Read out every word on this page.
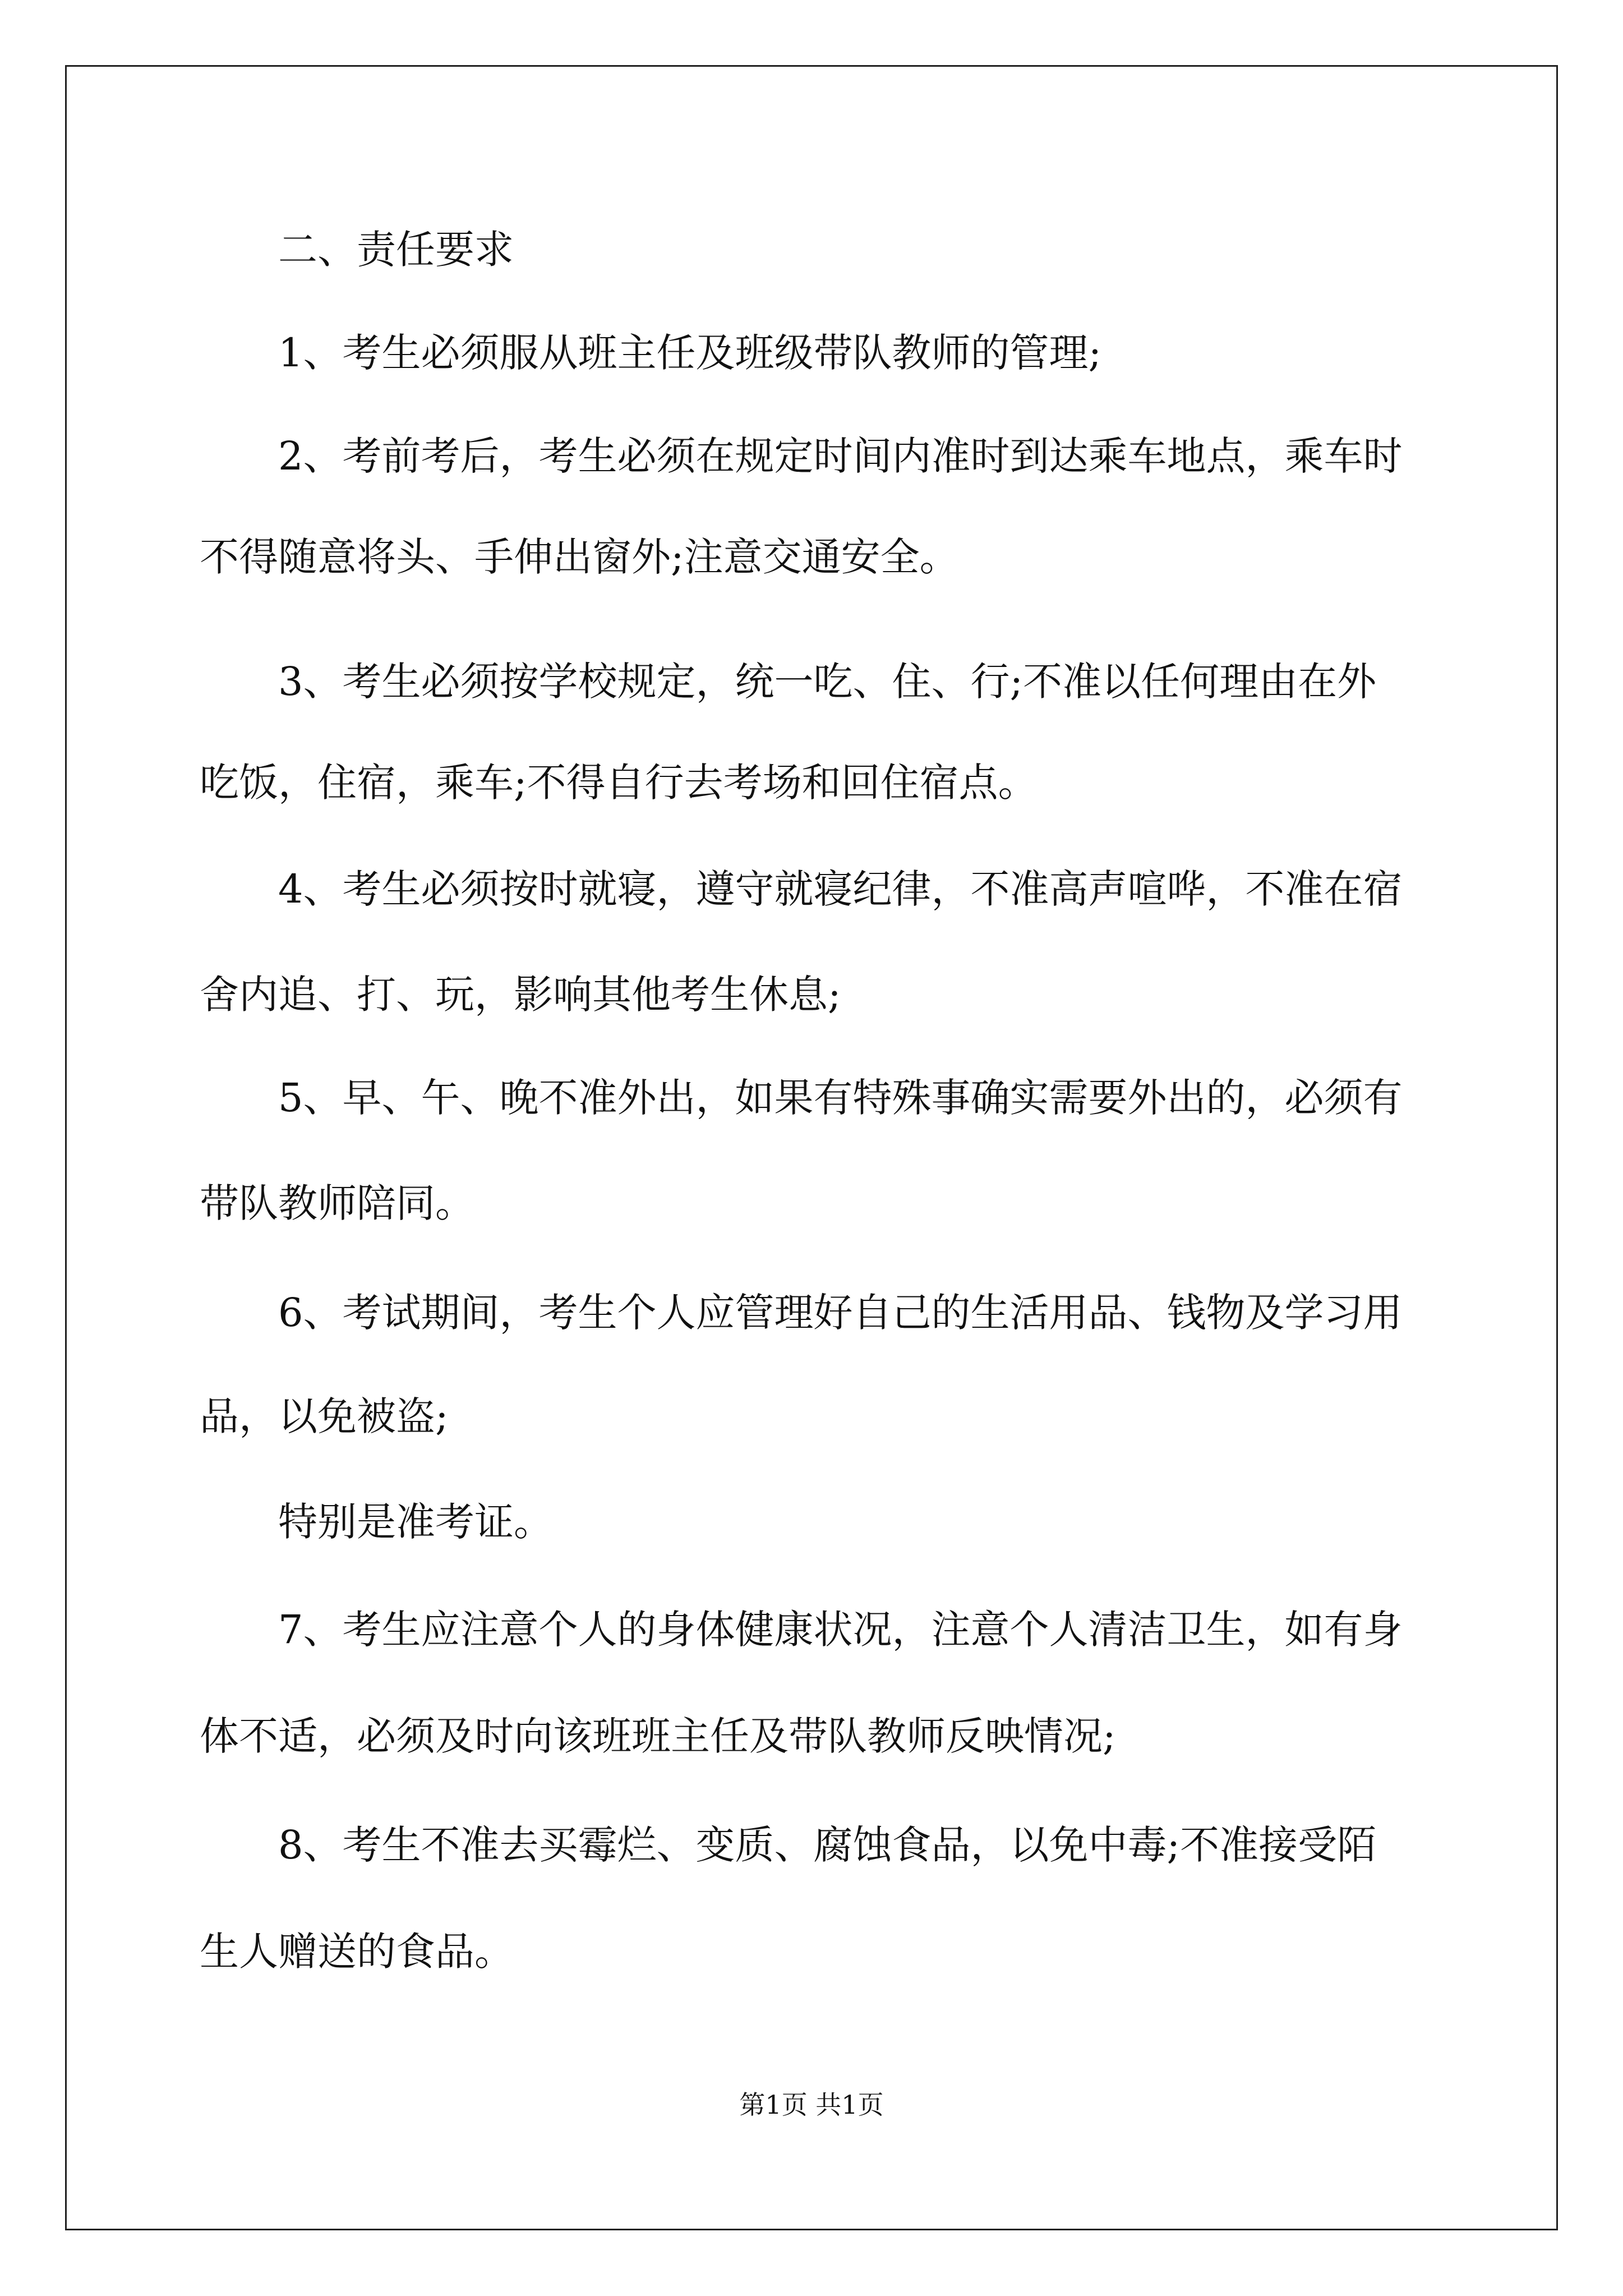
二、责任要求
1、考生必须服从班主任及班级带队教师的管理;
2、考前考后，考生必须在规定时间内准时到达乘车地点，乘车时
不得随意将头、手伸出窗外;注意交通安全。
3、考生必须按学校规定，统一吃、住、行;不准以任何理由在外
吃饭，住宿，乘车;不得自行去考场和回住宿点。
4、考生必须按时就寝，遵守就寝纪律，不准高声喧哗，不准在宿
舍内追、打、玩，影响其他考生休息;
5、早、午、晚不准外出，如果有特殊事确实需要外出的，必须有
带队教师陪同。
6、考试期间，考生个人应管理好自己的生活用品、钱物及学习用
品，以免被盗;
特别是准考证。
7、考生应注意个人的身体健康状况，注意个人清洁卫生，如有身
体不适，必须及时向该班班主任及带队教师反映情况;
8、考生不准去买霉烂、变质、腐蚀食品，以免中毒;不准接受陌
生人赠送的食品。
第1页 共1页
